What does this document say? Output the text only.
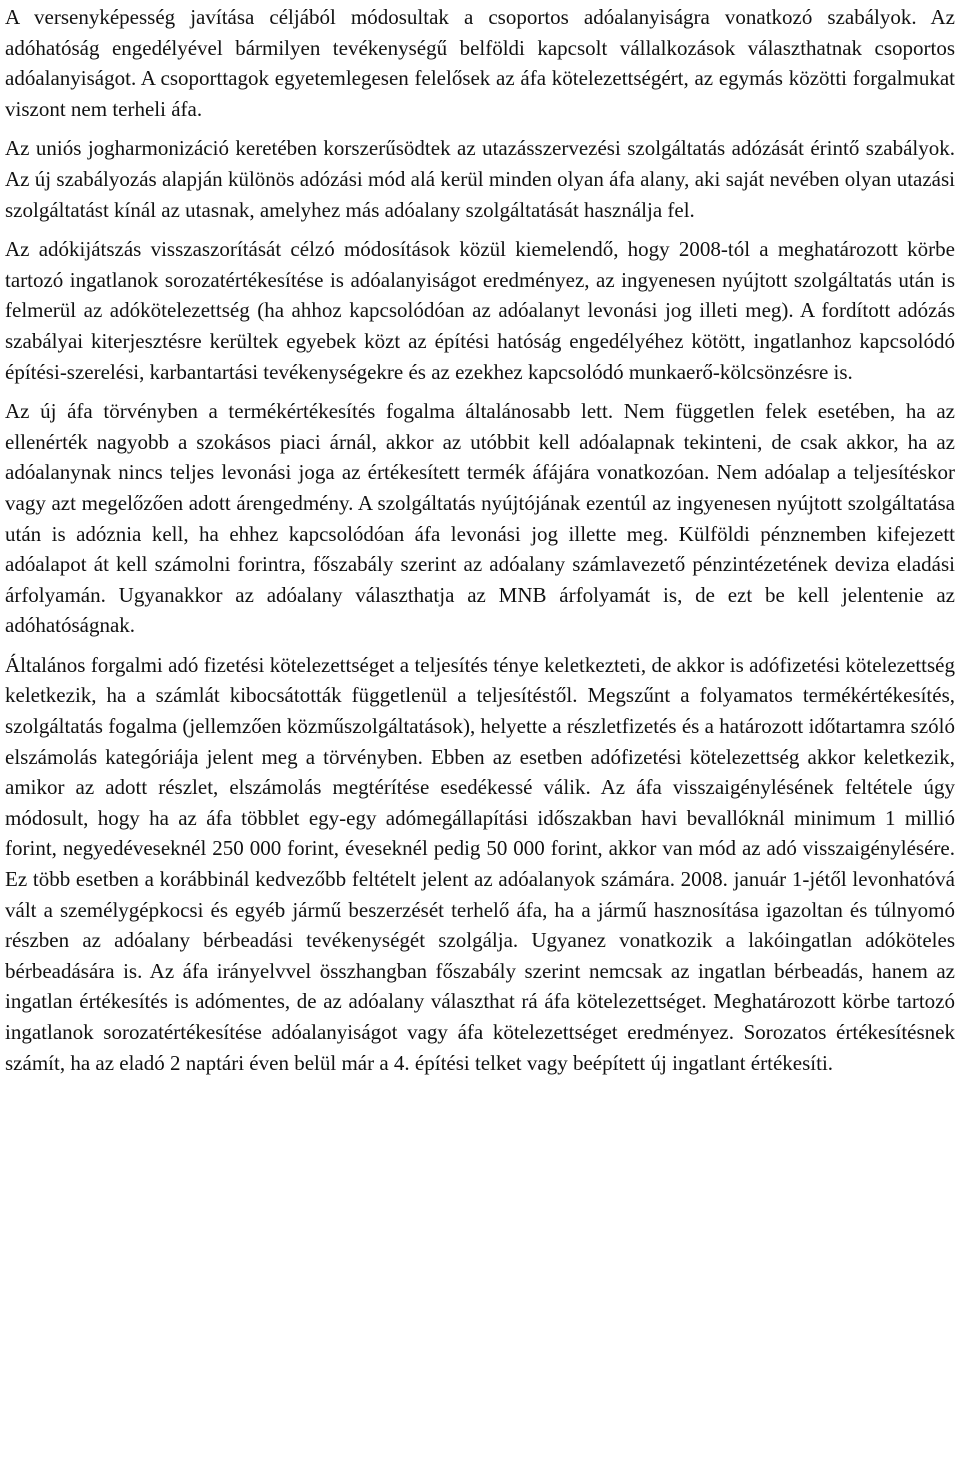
A versenyképesség javítása céljából módosultak a csoportos adóalanyiságra vonatkozó szabályok. Az adóhatóság engedélyével bármilyen tevékenységű belföldi kapcsolt vállalkozások választhatnak csoportos adóalanyiságot. A csoporttagok egyetemlegesen felelősek az áfa kötelezettségért, az egymás közötti forgalmukat viszont nem terheli áfa.

Az uniós jogharmonizáció keretében korszerűsödtek az utazásszervezési szolgáltatás adózását érintő szabályok. Az új szabályozás alapján különös adózási mód alá kerül minden olyan áfa alany, aki saját nevében olyan utazási szolgáltatást kínál az utasnak, amelyhez más adóalany szolgáltatását használja fel.

Az adókijátszás visszaszorítását célzó módosítások közül kiemelendő, hogy 2008-tól a meghatározott körbe tartozó ingatlanok sorozatértékesítése is adóalanyiságot eredményez, az ingyenesen nyújtott szolgáltatás után is felmerül az adókötelezettség (ha ahhoz kapcsolódóan az adóalanyt levonási jog illeti meg). A fordított adózás szabályai kiterjesztésre kerültek egyebek közt az építési hatóság engedélyéhez kötött, ingatlanhoz kapcsolódó építési-szerelési, karbantartási tevékenységekre és az ezekhez kapcsolódó munkaerő-kölcsönzésre is.

Az új áfa törvényben a termékértékesítés fogalma általánosabb lett. Nem független felek esetében, ha az ellenérték nagyobb a szokásos piaci árnál, akkor az utóbbit kell adóalapnak tekinteni, de csak akkor, ha az adóalanynak nincs teljes levonási joga az értékesített termék áfájára vonatkozóan. Nem adóalap a teljesítéskor vagy azt megelőzően adott árengedmény. A szolgáltatás nyújtójának ezentúl az ingyenesen nyújtott szolgáltatása után is adóznia kell, ha ehhez kapcsolódóan áfa levonási jog illette meg. Külföldi pénznemben kifejezett adóalapot át kell számolni forintra, főszabály szerint az adóalany számlavezető pénzintézetének deviza eladási árfolyamán. Ugyanakkor az adóalany választhatja az MNB árfolyamát is, de ezt be kell jelentenie az adóhatóságnak.

Általános forgalmi adó fizetési kötelezettséget a teljesítés ténye keletkezteti, de akkor is adófizetési kötelezettség keletkezik, ha a számlát kibocsátották függetlenül a teljesítéstől. Megszűnt a folyamatos termékértékesítés, szolgáltatás fogalma (jellemzően közműszolgáltatások), helyette a részletfizetés és a határozott időtartamra szóló elszámolás kategóriája jelent meg a törvényben. Ebben az esetben adófizetési kötelezettség akkor keletkezik, amikor az adott részlet, elszámolás megtérítése esedékessé válik. Az áfa visszaigénylésének feltétele úgy módosult, hogy ha az áfa többlet egy-egy adómegállapítási időszakban havi bevallóknál minimum 1 millió forint, negyedéveseknél 250 000 forint, éveseknél pedig 50 000 forint, akkor van mód az adó visszaigénylésére. Ez több esetben a korábbinál kedvezőbb feltételt jelent az adóalanyok számára. 2008. január 1-jétől levonhatóvá vált a személygépkocsi és egyéb jármű beszerzését terhelő áfa, ha a jármű hasznosítása igazoltan és túlnyomó részben az adóalany bérbeadási tevékenységét szolgálja. Ugyanez vonatkozik a lakóingatlan adóköteles bérbeadására is. Az áfa irányelvvel összhangban főszabály szerint nemcsak az ingatlan bérbeadás, hanem az ingatlan értékesítés is adómentes, de az adóalany választhat rá áfa kötelezettséget. Meghatározott körbe tartozó ingatlanok sorozatértékesítése adóalanyiságot vagy áfa kötelezettséget eredményez. Sorozatos értékesítésnek számít, ha az eladó 2 naptári éven belül már a 4. építési telket vagy beépített új ingatlant értékesíti.
